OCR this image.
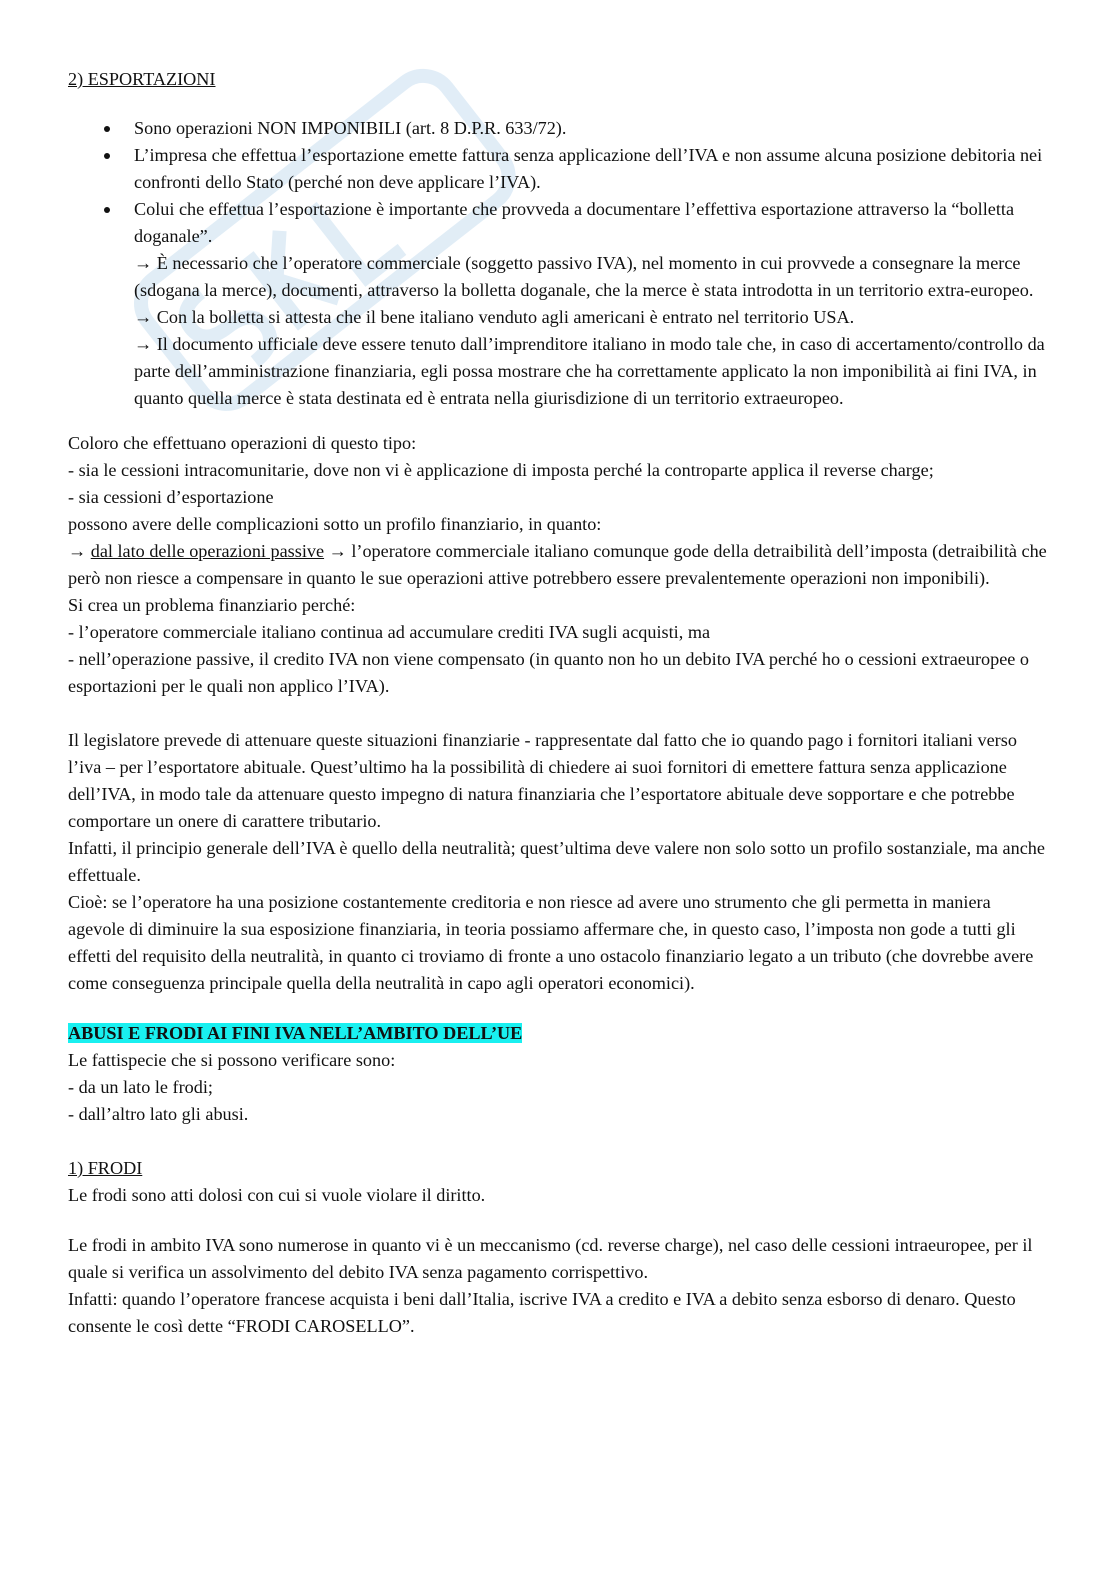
2) ESPORTAZIONI

Sono operazioni NON IMPONIBILI (art. 8 D.P.R. 633/72).
L’impresa che effettua l’esportazione emette fattura senza applicazione dell’IVA e non assume alcuna posizione debitoria nei confronti dello Stato (perché non deve applicare l’IVA).
Colui che effettua l’esportazione è importante che provveda a documentare l’effettiva esportazione attraverso la “bolletta doganale”.
→ È necessario che l’operatore commerciale (soggetto passivo IVA), nel momento in cui provvede a consegnare la merce (sdogana la merce), documenti, attraverso la bolletta doganale, che la merce è stata introdotta in un territorio extra-europeo.
→ Con la bolletta si attesta che il bene italiano venduto agli americani è entrato nel territorio USA.
→ Il documento ufficiale deve essere tenuto dall’imprenditore italiano in modo tale che, in caso di accertamento/controllo da parte dell’amministrazione finanziaria, egli possa mostrare che ha correttamente applicato la non imponibilità ai fini IVA, in quanto quella merce è stata destinata ed è entrata nella giurisdizione di un territorio extraeuropeo.

Coloro che effettuano operazioni di questo tipo:

- sia le cessioni intracomunitarie, dove non vi è applicazione di imposta perché la controparte applica il reverse charge;

- sia cessioni d’esportazione

possono avere delle complicazioni sotto un profilo finanziario, in quanto:

→ dal lato delle operazioni passive → l’operatore commerciale italiano comunque gode della detraibilità dell’imposta (detraibilità che però non riesce a compensare in quanto le sue operazioni attive potrebbero essere prevalentemente operazioni non imponibili).

Si crea un problema finanziario perché:

- l’operatore commerciale italiano continua ad accumulare crediti IVA sugli acquisti, ma

- nell’operazione passive, il credito IVA non viene compensato (in quanto non ho un debito IVA perché ho o cessioni extraeuropee o esportazioni per le quali non applico l’IVA).

Il legislatore prevede di attenuare queste situazioni finanziarie - rappresentate dal fatto che io quando pago i fornitori italiani verso l’iva – per l’esportatore abituale. Quest’ultimo ha la possibilità di chiedere ai suoi fornitori di emettere fattura senza applicazione dell’IVA, in modo tale da attenuare questo impegno di natura finanziaria che l’esportatore abituale deve sopportare e che potrebbe comportare un onere di carattere tributario.

Infatti, il principio generale dell’IVA è quello della neutralità; quest’ultima deve valere non solo sotto un profilo sostanziale, ma anche effettuale.

Cioè: se l’operatore ha una posizione costantemente creditoria e non riesce ad avere uno strumento che gli permetta in maniera agevole di diminuire la sua esposizione finanziaria, in teoria possiamo affermare che, in questo caso, l’imposta non gode a tutti gli effetti del requisito della neutralità, in quanto ci troviamo di fronte a uno ostacolo finanziario legato a un tributo (che dovrebbe avere come conseguenza principale quella della neutralità in capo agli operatori economici).

ABUSI E FRODI AI FINI IVA NELL’AMBITO DELL’UE

Le fattispecie che si possono verificare sono:

- da un lato le frodi;

- dall’altro lato gli abusi.

1) FRODI

Le frodi sono atti dolosi con cui si vuole violare il diritto.

Le frodi in ambito IVA sono numerose in quanto vi è un meccanismo (cd. reverse charge), nel caso delle cessioni intraeuropee, per il quale si verifica un assolvimento del debito IVA senza pagamento corrispettivo.

Infatti: quando l’operatore francese acquista i beni dall’Italia, iscrive IVA a credito e IVA a debito senza esborso di denaro. Questo consente le così dette “FRODI CAROSELLO”.
